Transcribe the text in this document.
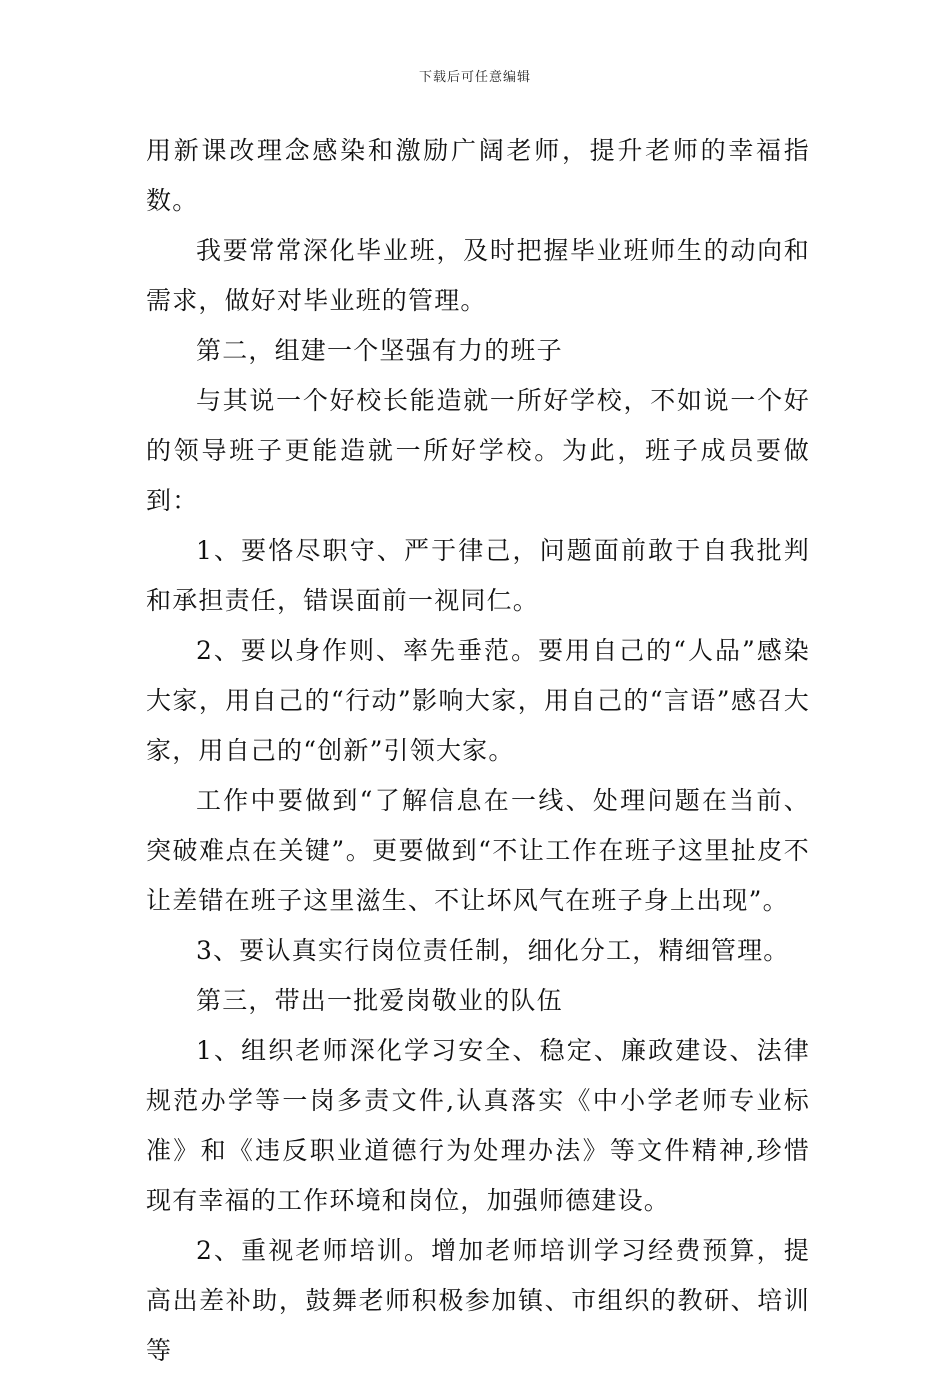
下载后可任意编辑

用新课改理念感染和激励广阔老师，提升老师的幸福指数。

我要常常深化毕业班，及时把握毕业班师生的动向和需求，做好对毕业班的管理。

第二，组建一个坚强有力的班子

与其说一个好校长能造就一所好学校，不如说一个好的领导班子更能造就一所好学校。为此，班子成员要做到：

1、要恪尽职守、严于律己，问题面前敢于自我批判和承担责任，错误面前一视同仁。

2、要以身作则、率先垂范。要用自己的“人品”感染大家，用自己的“行动”影响大家，用自己的“言语”感召大家，用自己的“创新”引领大家。

工作中要做到“了解信息在一线、处理问题在当前、突破难点在关键”。更要做到“不让工作在班子这里扯皮不让差错在班子这里滋生、不让坏风气在班子身上出现”。

3、要认真实行岗位责任制，细化分工，精细管理。

第三，带出一批爱岗敬业的队伍

1、组织老师深化学习安全、稳定、廉政建设、法律规范办学等一岗多责文件,认真落实《中小学老师专业标准》和《违反职业道德行为处理办法》等文件精神,珍惜现有幸福的工作环境和岗位，加强师德建设。

2、重视老师培训。增加老师培训学习经费预算，提高出差补助，鼓舞老师积极参加镇、市组织的教研、培训等
